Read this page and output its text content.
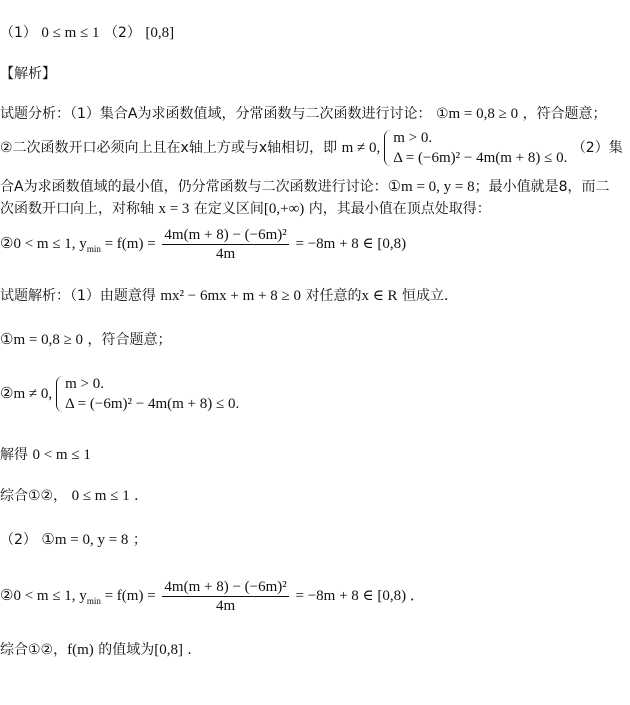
（1） 0 ≤ m ≤ 1 （2） [0,8]
【解析】
试题分析：（1）集合A为求函数值域，分常函数与二次函数进行讨论： ①m = 0,8 ≥ 0 ，符合题意；
②二次函数开口必须向上且在x轴上方或与x轴相切，即 m ≠ 0,
m > 0.
Δ = (−6m)² − 4m(m + 8) ≤ 0.
（2）集
合A为求函数值域的最小值，仍分常函数与二次函数进行讨论：①m = 0, y = 8；最小值就是8，而二
次函数开口向上，对称轴 x = 3 在定义区间[0,+∞) 内，其最小值在顶点处取得：
②0 < m ≤ 1, $y_{min} = f(m) = \frac{\text{4m(m + 8) − (−6m)²}}{4m} = -8m + 8$ ∈ [0,8)
试题解析：（1）由题意得 mx² − 6mx + m + 8 ≥ 0 对任意的x ∈ R 恒成立．
①m = 0,8 ≥ 0 ，符合题意；
②m ≠ 0,
m > 0.
Δ = (−6m)² − 4m(m + 8) ≤ 0.
解得 0 < m ≤ 1
综合①②， 0 ≤ m ≤ 1 ．
（2） ①m = 0, y = 8 ；
②0 < m ≤ 1, $y_{min} = f(m) = \frac{\text{4m(m + 8) − (−6m)²}}{4m} = -8m + 8$ ∈ [0,8) ．
综合①②，f(m) 的值域为[0,8] ．
